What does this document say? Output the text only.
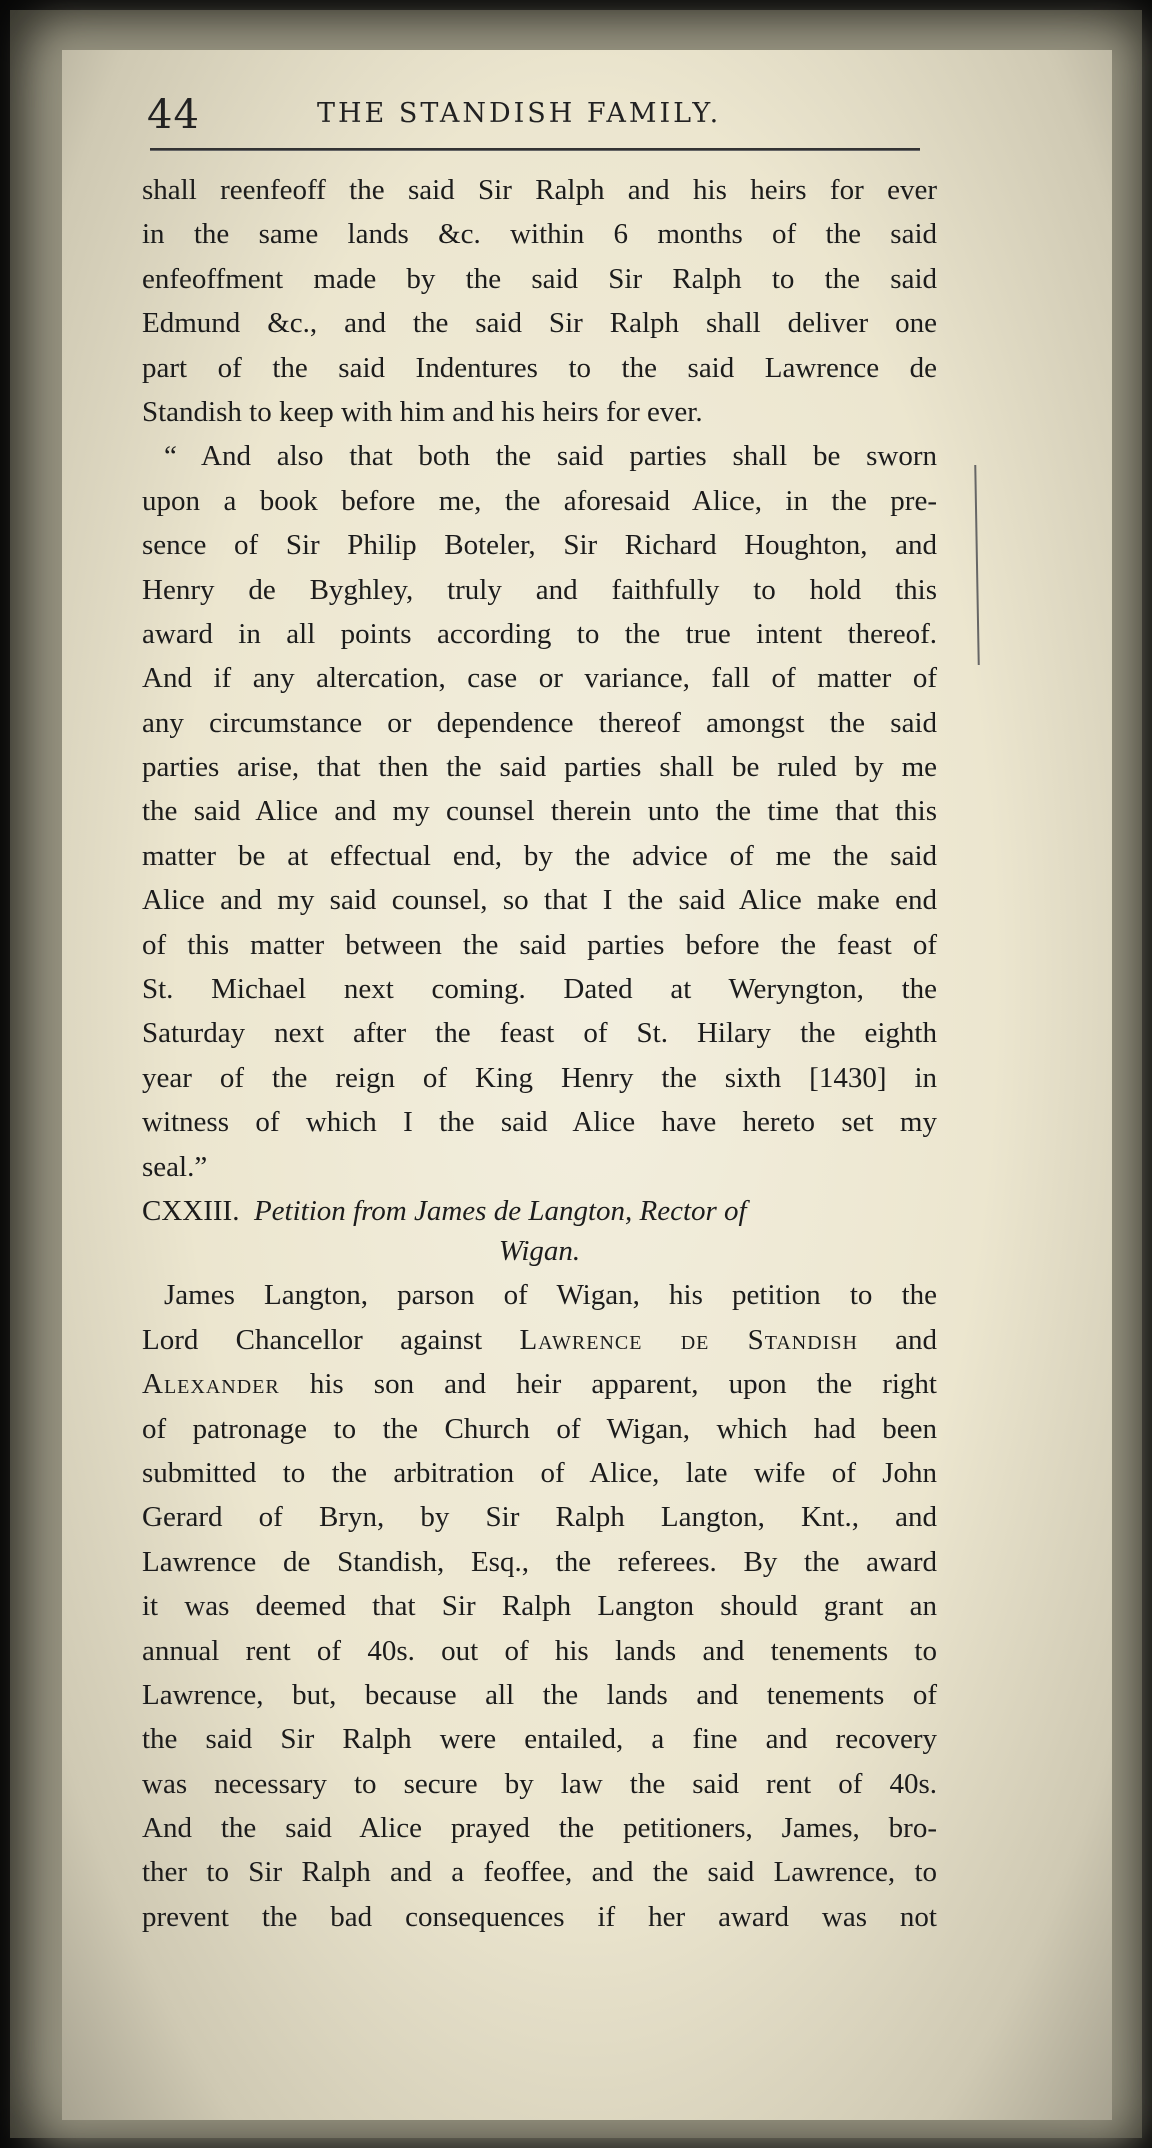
44	THE STANDISH FAMILY.
shall reenfeoff the said Sir Ralph and his heirs for ever
in the same lands &c. within 6 months of the said
enfeoffment made by the said Sir Ralph to the said
Edmund &c., and the said Sir Ralph shall deliver one
part of the said Indentures to the said Lawrence de
Standish to keep with him and his heirs for ever.
“ And also that both the said parties shall be sworn
upon a book before me, the aforesaid Alice, in the pre-
sence of Sir Philip Boteler, Sir Richard Houghton, and
Henry de Byghley, truly and faithfully to hold this
award in all points according to the true intent thereof.
And if any altercation, case or variance, fall of matter of
any circumstance or dependence thereof amongst the said
parties arise, that then the said parties shall be ruled by me
the said Alice and my counsel therein unto the time that this
matter be at effectual end, by the advice of me the said
Alice and my said counsel, so that I the said Alice make end
of this matter between the said parties before the feast of
St. Michael next coming. Dated at Weryngton, the
Saturday next after the feast of St. Hilary the eighth
year of the reign of King Henry the sixth [1430] in
witness of which I the said Alice have hereto set my
seal.”
CXXIII. Petition from James de Langton, Rector of
Wigan.
James Langton, parson of Wigan, his petition to the
Lord Chancellor against Lawrence de Standish and
Alexander his son and heir apparent, upon the right
of patronage to the Church of Wigan, which had been
submitted to the arbitration of Alice, late wife of John
Gerard of Bryn, by Sir Ralph Langton, Knt., and
Lawrence de Standish, Esq., the referees. By the award
it was deemed that Sir Ralph Langton should grant an
annual rent of 40s. out of his lands and tenements to
Lawrence, but, because all the lands and tenements of
the said Sir Ralph were entailed, a fine and recovery
was necessary to secure by law the said rent of 40s.
And the said Alice prayed the petitioners, James, bro-
ther to Sir Ralph and a feoffee, and the said Lawrence, to
prevent the bad consequences if her award was not
